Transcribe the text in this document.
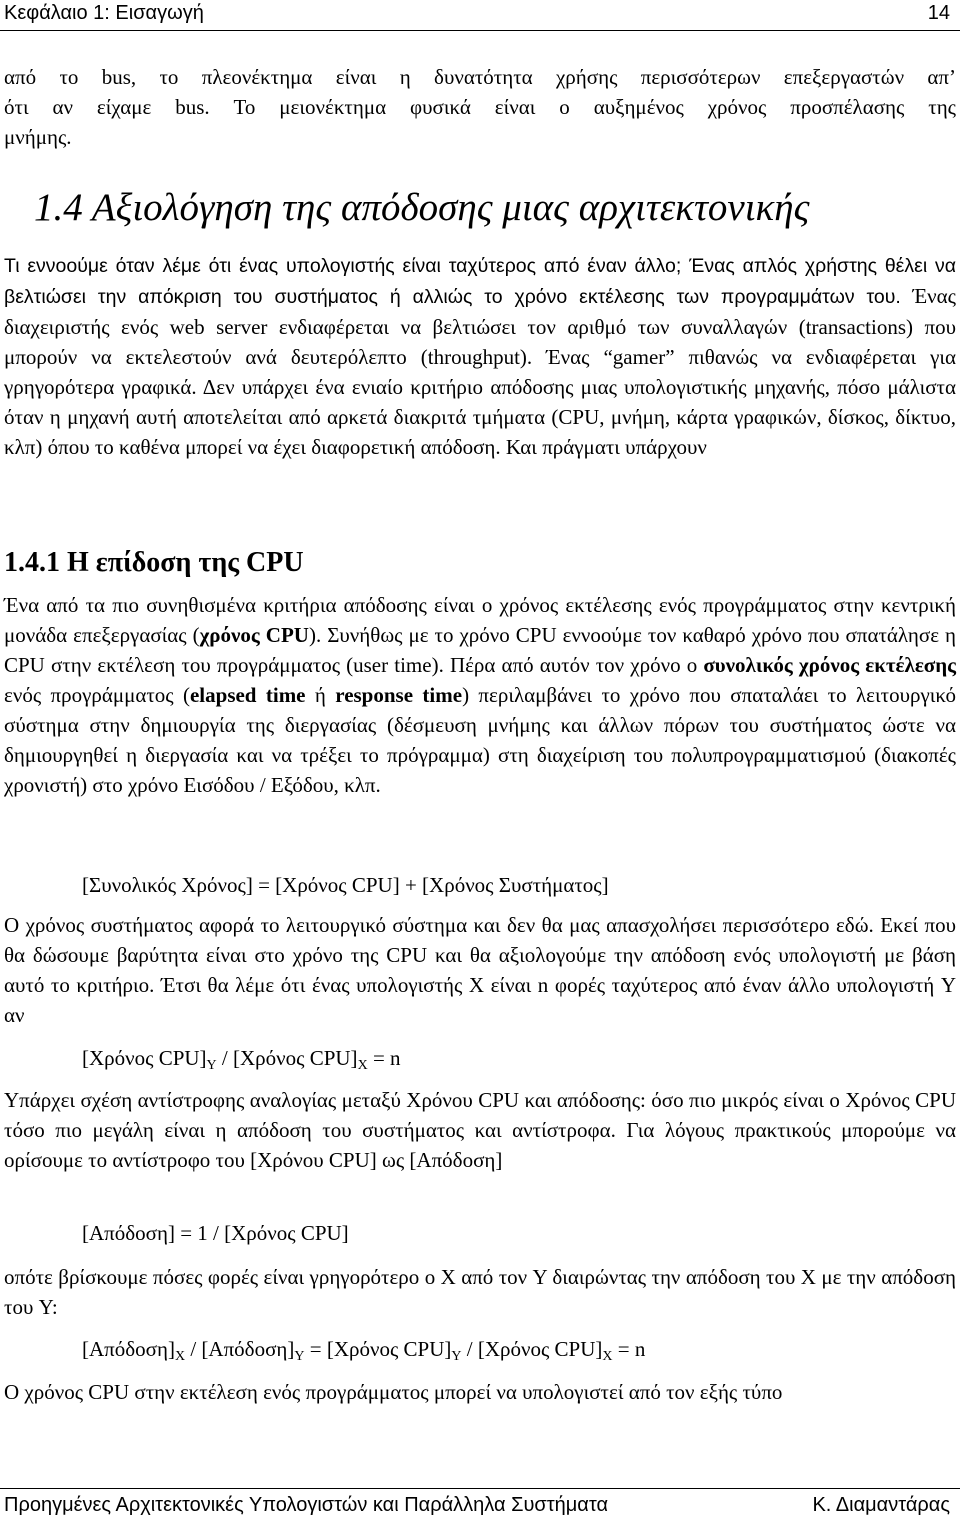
Κεφάλαιο 1: Εισαγωγή	14
από το bus, το πλεονέκτημα είναι η δυνατότητα χρήσης περισσότερων επεξεργαστών απ’
ότι αν είχαμε bus. Το μειονέκτημα φυσικά είναι ο αυξημένος χρόνος προσπέλασης της
μνήμης.
1.4 Αξιολόγηση της απόδοσης μιας αρχιτεκτονικής
Τι εννοούμε όταν λέμε ότι ένας υπολογιστής είναι ταχύτερος από έναν άλλο; Ένας απλός χρήστης θέλει να βελτιώσει την απόκριση του συστήματος ή αλλιώς το χρόνο εκτέλεσης των προγραμμάτων του. Ένας διαχειριστής ενός web server ενδιαφέρεται να βελτιώσει τον αριθμό των συναλλαγών (transactions) που μπορούν να εκτελεστούν ανά δευτερόλεπτο (throughput). Ένας “gamer” πιθανώς να ενδιαφέρεται για γρηγορότερα γραφικά. Δεν υπάρχει ένα ενιαίο κριτήριο απόδοσης μιας υπολογιστικής μηχανής, πόσο μάλιστα όταν η μηχανή αυτή αποτελείται από αρκετά διακριτά τμήματα (CPU, μνήμη, κάρτα γραφικών, δίσκος, δίκτυο, κλπ) όπου το καθένα μπορεί να έχει διαφορετική απόδοση. Και πράγματι υπάρχουν
1.4.1 Η επίδοση της CPU
Ένα από τα πιο συνηθισμένα κριτήρια απόδοσης είναι ο χρόνος εκτέλεσης ενός προγράμματος στην κεντρική μονάδα επεξεργασίας (χρόνος CPU). Συνήθως με το χρόνο CPU εννοούμε τον καθαρό χρόνο που σπατάλησε η CPU στην εκτέλεση του προγράμματος (user time). Πέρα από αυτόν τον χρόνο ο συνολικός χρόνος εκτέλεσης ενός προγράμματος (elapsed time ή response time) περιλαμβάνει το χρόνο που σπαταλάει το λειτουργικό σύστημα στην δημιουργία της διεργασίας (δέσμευση μνήμης και άλλων πόρων του συστήματος ώστε να δημιουργηθεί η διεργασία και να τρέξει το πρόγραμμα) στη διαχείριση του πολυπρογραμματισμού (διακοπές χρονιστή) στο χρόνο Εισόδου / Εξόδου, κλπ.
[Συνολικός Χρόνος] = [Χρόνος CPU] + [Χρόνος Συστήματος]
Ο χρόνος συστήματος αφορά το λειτουργικό σύστημα και δεν θα μας απασχολήσει περισσότερο εδώ. Εκεί που θα δώσουμε βαρύτητα είναι στο χρόνο της CPU και θα αξιολογούμε την απόδοση ενός υπολογιστή με βάση αυτό το κριτήριο. Έτσι θα λέμε ότι ένας υπολογιστής X είναι n φορές ταχύτερος από έναν άλλο υπολογιστή Y αν
[Χρόνος $CPU]_Y / [X\rho ό\nu o\varsigma$ $CPU]_X = n$
Υπάρχει σχέση αντίστροφης αναλογίας μεταξύ Χρόνου CPU και απόδοσης: όσο πιο μικρός είναι ο Χρόνος CPU τόσο πιο μεγάλη είναι η απόδοση του συστήματος και αντίστροφα. Για λόγους πρακτικούς μπορούμε να ορίσουμε το αντίστροφο του [Χρόνου CPU] ως [Απόδοση]
[Απόδοση] = 1 / [Χρόνος CPU]
οπότε βρίσκουμε πόσες φορές είναι γρηγορότερο ο X από τον Y διαιρώντας την απόδοση του X με την απόδοση του Y:
$[A\pi ό\delta o\sigma\eta]_X / [A\pi ό\delta o\sigma\eta]_Y = [X\rho ό\nu o\varsigma$ $CPU]_Y / [X\rho ό\nu o\varsigma$ $CPU]_X = n$
Ο χρόνος CPU στην εκτέλεση ενός προγράμματος μπορεί να υπολογιστεί από τον εξής τύπο
Προηγμένες Αρχιτεκτονικές Υπολογιστών και Παράλληλα Συστήματα	Κ. Διαμαντάρας
